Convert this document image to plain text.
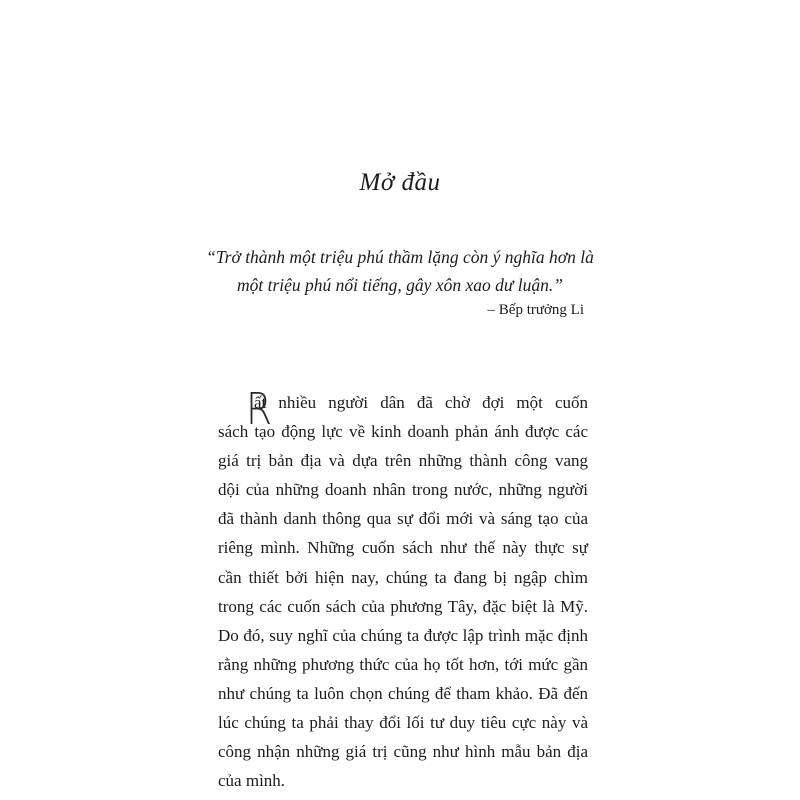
Mở đầu
“Trở thành một triệu phú thầm lặng còn ý nghĩa hơn là
một triệu phú nổi tiếng, gây xôn xao dư luận.”
– Bếp trưởng Li
R
ất nhiều người dân đã chờ đợi một cuốn
sách tạo động lực về kinh doanh phản ánh được các
giá trị bản địa và dựa trên những thành công vang
dội của những doanh nhân trong nước, những người
đã thành danh thông qua sự đổi mới và sáng tạo của
riêng mình. Những cuốn sách như thế này thực sự
cần thiết bởi hiện nay, chúng ta đang bị ngập chìm
trong các cuốn sách của phương Tây, đặc biệt là Mỹ.
Do đó, suy nghĩ của chúng ta được lập trình mặc định
rằng những phương thức của họ tốt hơn, tới mức gần
như chúng ta luôn chọn chúng để tham khảo. Đã đến
lúc chúng ta phải thay đổi lối tư duy tiêu cực này và
công nhận những giá trị cũng như hình mẫu bản địa
của mình.
